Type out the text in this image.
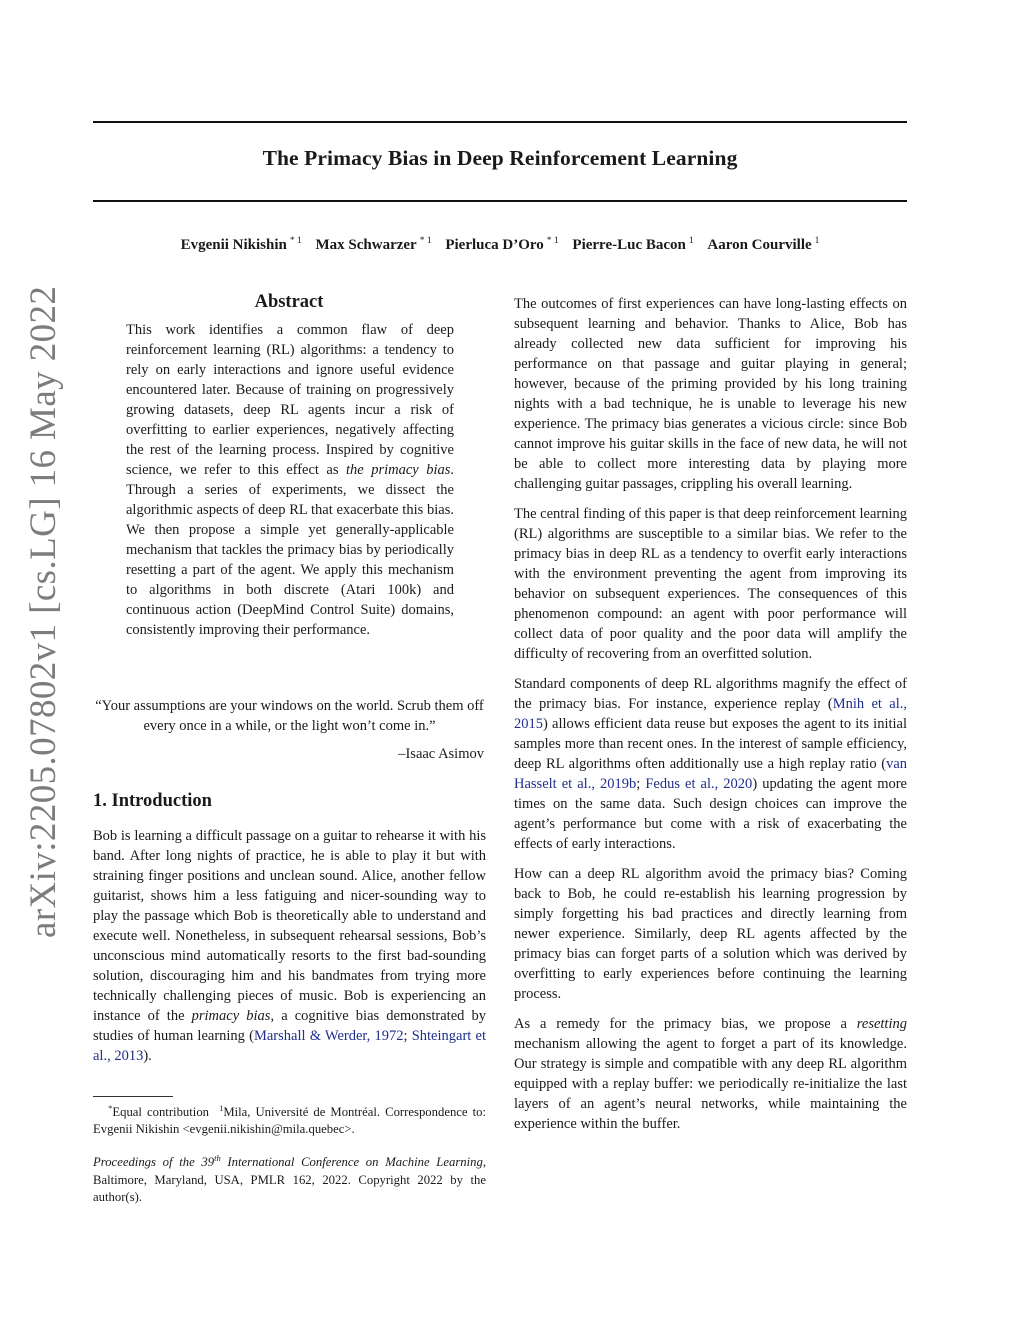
The Primacy Bias in Deep Reinforcement Learning
Evgenii Nikishin $^{* 1}$ Max Schwarzer $^{* 1}$ Pierluca D’Oro $^{* 1}$ Pierre-Luc Bacon $^1$ Aaron Courville $^1$
arXiv:2205.07802v1 [cs.LG] 16 May 2022	Abstract
This work identifies a common flaw of deep reinforcement learning (RL) algorithms: a tendency to rely on early interactions and ignore useful evidence encountered later. Because of training on progressively growing datasets, deep RL agents incur a risk of overfitting to earlier experiences, negatively affecting the rest of the learning process. Inspired by cognitive science, we refer to this effect as the primacy bias. Through a series of experiments, we dissect the algorithmic aspects of deep RL that exacerbate this bias. We then propose a simple yet generally-applicable mechanism that tackles the primacy bias by periodically resetting a part of the agent. We apply this mechanism to algorithms in both discrete (Atari 100k) and continuous action (DeepMind Control Suite) domains, consistently improving their performance.
“Your assumptions are your windows on the world. Scrub them off every once in a while, or the light won’t come in.”
–Isaac Asimov
1. Introduction

Bob is learning a difficult passage on a guitar to rehearse it with his band. After long nights of practice, he is able to play it but with straining finger positions and unclean sound. Alice, another fellow guitarist, shows him a less fatiguing and nicer-sounding way to play the passage which Bob is theoretically able to understand and execute well. Nonetheless, in subsequent rehearsal sessions, Bob’s unconscious mind automatically resorts to the first bad-sounding solution, discouraging him and his bandmates from trying more technically challenging pieces of music. Bob is experiencing an instance of the primacy bias, a cognitive bias demonstrated by studies of human learning (Marshall & Werder, 1972; Shteingart et al., 2013).

*Equal contribution  $^1$Mila, Université de Montréal. Correspondence to: Evgenii Nikishin <evgenii.nikishin@mila.quebec>.
Proceedings of the 39th International Conference on Machine Learning, Baltimore, Maryland, USA, PMLR 162, 2022. Copyright 2022 by the author(s).

The outcomes of first experiences can have long-lasting effects on subsequent learning and behavior. Thanks to Alice, Bob has already collected new data sufficient for improving his performance on that passage and guitar playing in general; however, because of the priming provided by his long training nights with a bad technique, he is unable to leverage his new experience. The primacy bias generates a vicious circle: since Bob cannot improve his guitar skills in the face of new data, he will not be able to collect more interesting data by playing more challenging guitar passages, crippling his overall learning.

The central finding of this paper is that deep reinforcement learning (RL) algorithms are susceptible to a similar bias. We refer to the primacy bias in deep RL as a tendency to overfit early interactions with the environment preventing the agent from improving its behavior on subsequent experiences. The consequences of this phenomenon compound: an agent with poor performance will collect data of poor quality and the poor data will amplify the difficulty of recovering from an overfitted solution.

Standard components of deep RL algorithms magnify the effect of the primacy bias. For instance, experience replay (Mnih et al., 2015) allows efficient data reuse but exposes the agent to its initial samples more than recent ones. In the interest of sample efficiency, deep RL algorithms often additionally use a high replay ratio (van Hasselt et al., 2019b; Fedus et al., 2020) updating the agent more times on the same data. Such design choices can improve the agent’s performance but come with a risk of exacerbating the effects of early interactions.

How can a deep RL algorithm avoid the primacy bias? Coming back to Bob, he could re-establish his learning progression by simply forgetting his bad practices and directly learning from newer experience. Similarly, deep RL agents affected by the primacy bias can forget parts of a solution which was derived by overfitting to early experiences before continuing the learning process.

As a remedy for the primacy bias, we propose a resetting mechanism allowing the agent to forget a part of its knowledge. Our strategy is simple and compatible with any deep RL algorithm equipped with a replay buffer: we periodically re-initialize the last layers of an agent’s neural networks, while maintaining the experience within the buffer.
